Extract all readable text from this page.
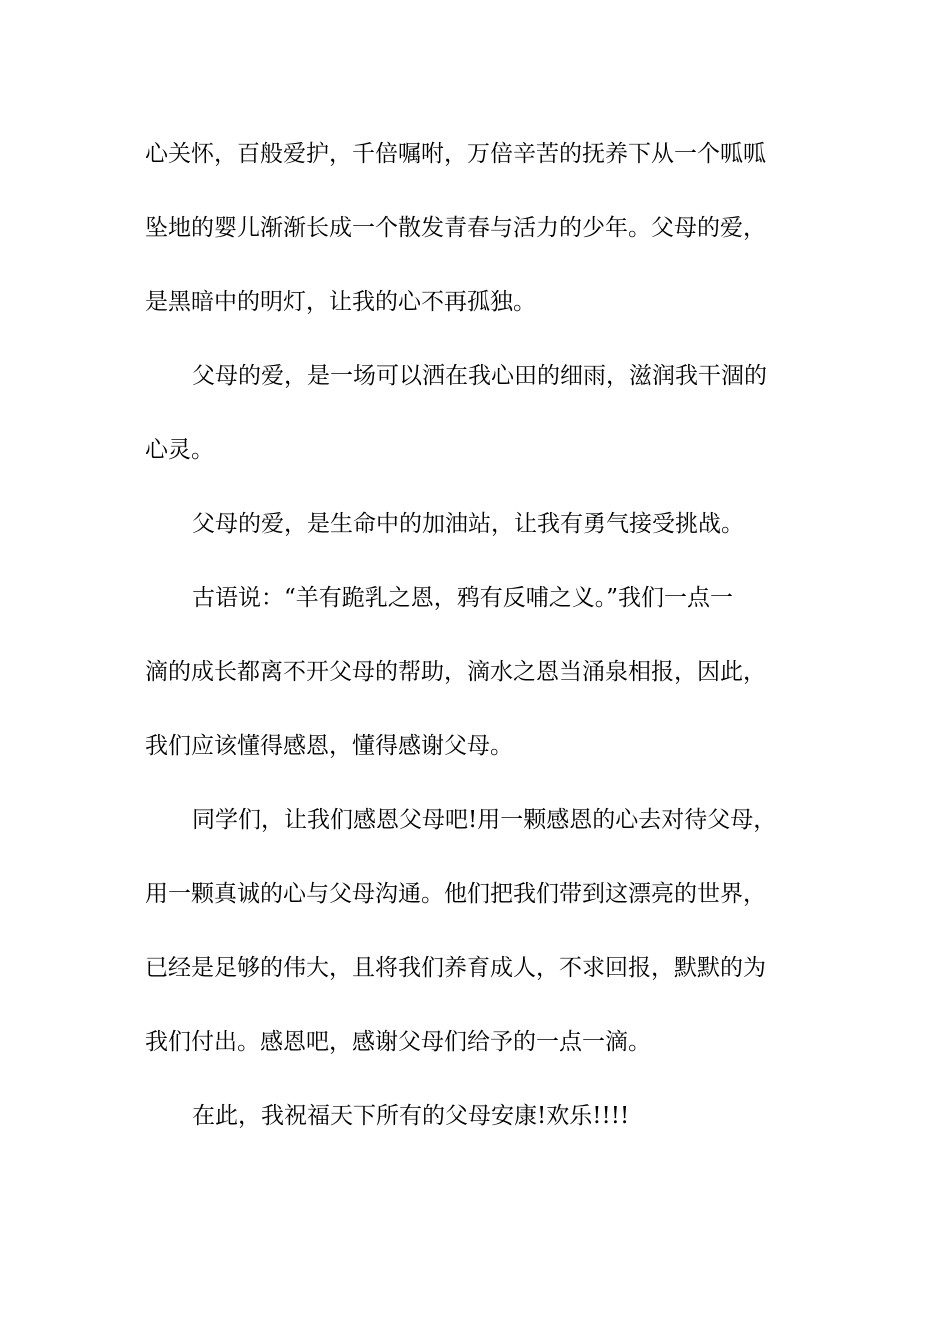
心关怀，百般爱护，千倍嘱咐，万倍辛苦的抚养下从一个呱呱
坠地的婴儿渐渐长成一个散发青春与活力的少年。父母的爱，
是黑暗中的明灯，让我的心不再孤独。
父母的爱，是一场可以洒在我心田的细雨，滋润我干涸的
心灵。
父母的爱，是生命中的加油站，让我有勇气接受挑战。
古语说：“羊有跪乳之恩，鸦有反哺之义。”我们一点一
滴的成长都离不开父母的帮助，滴水之恩当涌泉相报，因此，
我们应该懂得感恩，懂得感谢父母。
同学们，让我们感恩父母吧!用一颗感恩的心去对待父母，
用一颗真诚的心与父母沟通。他们把我们带到这漂亮的世界，
已经是足够的伟大，且将我们养育成人，不求回报，默默的为
我们付出。感恩吧，感谢父母们给予的一点一滴。
在此，我祝福天下所有的父母安康!欢乐!!!!
